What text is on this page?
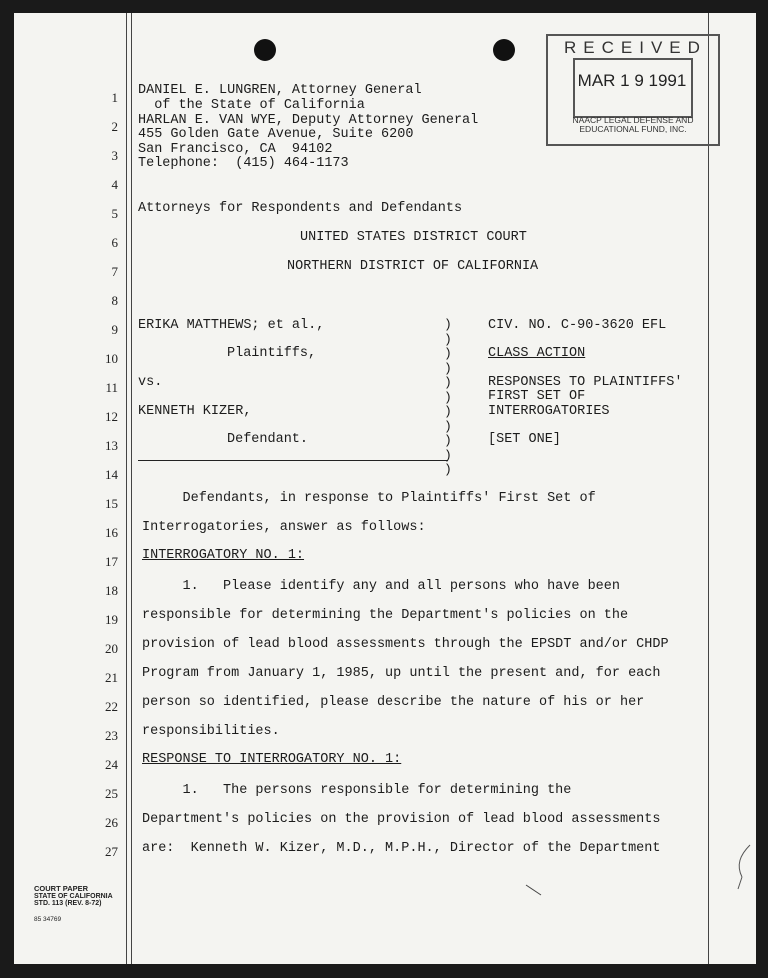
RECEIVED
MAR 1 9 1991
NAACP LEGAL DEFENSE AND
EDUCATIONAL FUND, INC.
1
2
3
4
5
6
7
8
9
10
11
12
13
14
15
16
17
18
19
20
21
22
23
24
25
26
27
DANIEL E. LUNGREN, Attorney General
of the State of California
HARLAN E. VAN WYE, Deputy Attorney General
455 Golden Gate Avenue, Suite 6200
San Francisco, CA  94102
Telephone:  (415) 464-1173
Attorneys for Respondents and Defendants
UNITED STATES DISTRICT COURT
NORTHERN DISTRICT OF CALIFORNIA
ERIKA MATTHEWS; et al.,
Plaintiffs,
vs.
KENNETH KIZER,
Defendant.
)
)
)
)
)
)
)
)
)
)
)
CIV. NO. C-90-3620 EFL
CLASS ACTION
RESPONSES TO PLAINTIFFS'
FIRST SET OF
INTERROGATORIES
[SET ONE]
Defendants, in response to Plaintiffs' First Set of
Interrogatories, answer as follows:
INTERROGATORY NO. 1:
1.   Please identify any and all persons who have been
responsible for determining the Department's policies on the
provision of lead blood assessments through the EPSDT and/or CHDP
Program from January 1, 1985, up until the present and, for each
person so identified, please describe the nature of his or her
responsibilities.
RESPONSE TO INTERROGATORY NO. 1:
1.   The persons responsible for determining the
Department's policies on the provision of lead blood assessments
are:  Kenneth W. Kizer, M.D., M.P.H., Director of the Department
COURT PAPER
STATE OF CALIFORNIA
STD. 113 (REV. 8-72)
85 34769
